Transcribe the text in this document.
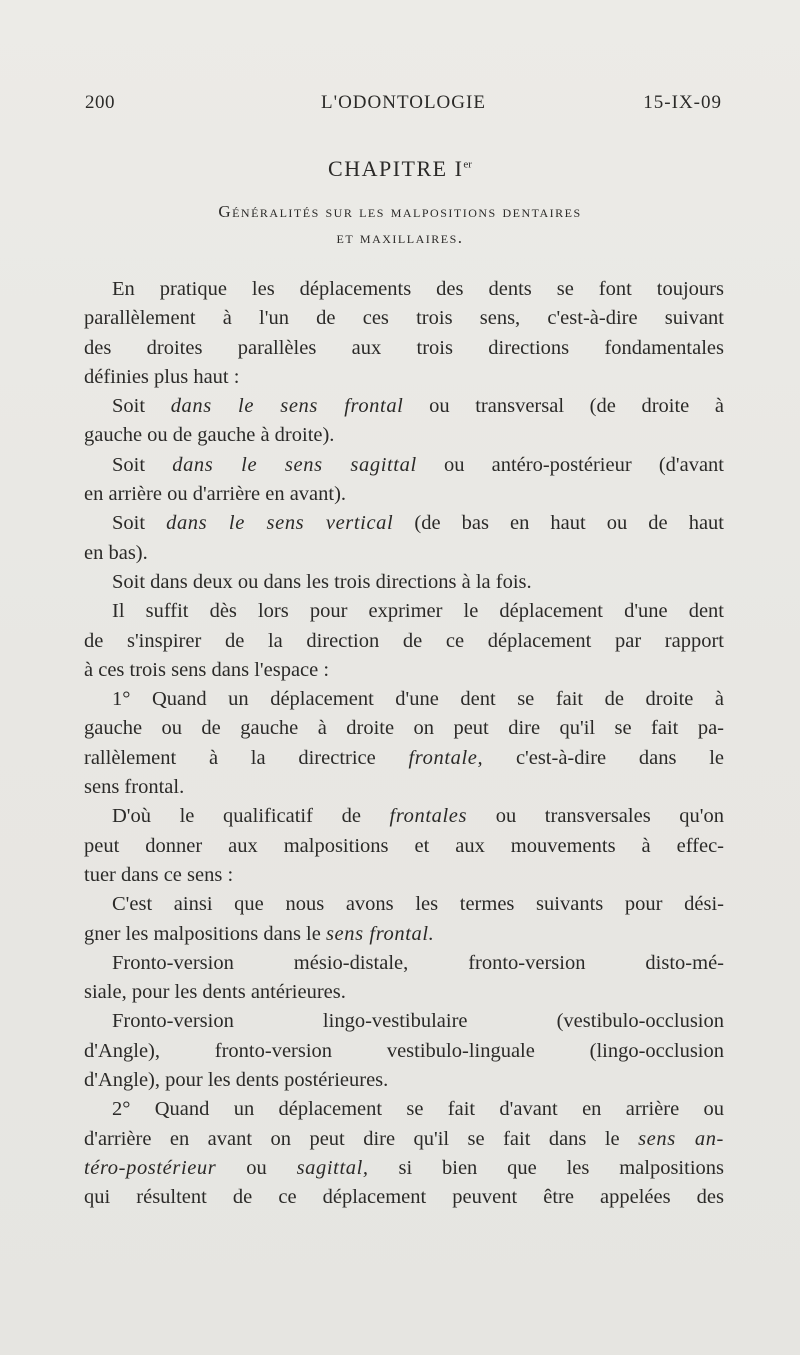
200	L'ODONTOLOGIE	15-IX-09
CHAPITRE Ier
Généralités sur les malpositions dentaires
et maxillaires.
En pratique les déplacements des dents se font toujours
parallèlement à l'un de ces trois sens, c'est-à-dire suivant
des droites parallèles aux trois directions fondamentales
définies plus haut :
Soit dans le sens frontal ou transversal (de droite à
gauche ou de gauche à droite).
Soit dans le sens sagittal ou antéro-postérieur (d'avant
en arrière ou d'arrière en avant).
Soit dans le sens vertical (de bas en haut ou de haut
en bas).
Soit dans deux ou dans les trois directions à la fois.
Il suffit dès lors pour exprimer le déplacement d'une dent
de s'inspirer de la direction de ce déplacement par rapport
à ces trois sens dans l'espace :
1° Quand un déplacement d'une dent se fait de droite à
gauche ou de gauche à droite on peut dire qu'il se fait pa-
rallèlement à la directrice frontale, c'est-à-dire dans le
sens frontal.
D'où le qualificatif de frontales ou transversales qu'on
peut donner aux malpositions et aux mouvements à effec-
tuer dans ce sens :
C'est ainsi que nous avons les termes suivants pour dési-
gner les malpositions dans le sens frontal.
Fronto-version mésio-distale, fronto-version disto-mé-
siale, pour les dents antérieures.
Fronto-version lingo-vestibulaire (vestibulo-occlusion
d'Angle), fronto-version vestibulo-linguale (lingo-occlusion
d'Angle), pour les dents postérieures.
2° Quand un déplacement se fait d'avant en arrière ou
d'arrière en avant on peut dire qu'il se fait dans le sens an-
téro-postérieur ou sagittal, si bien que les malpositions
qui résultent de ce déplacement peuvent être appelées des
